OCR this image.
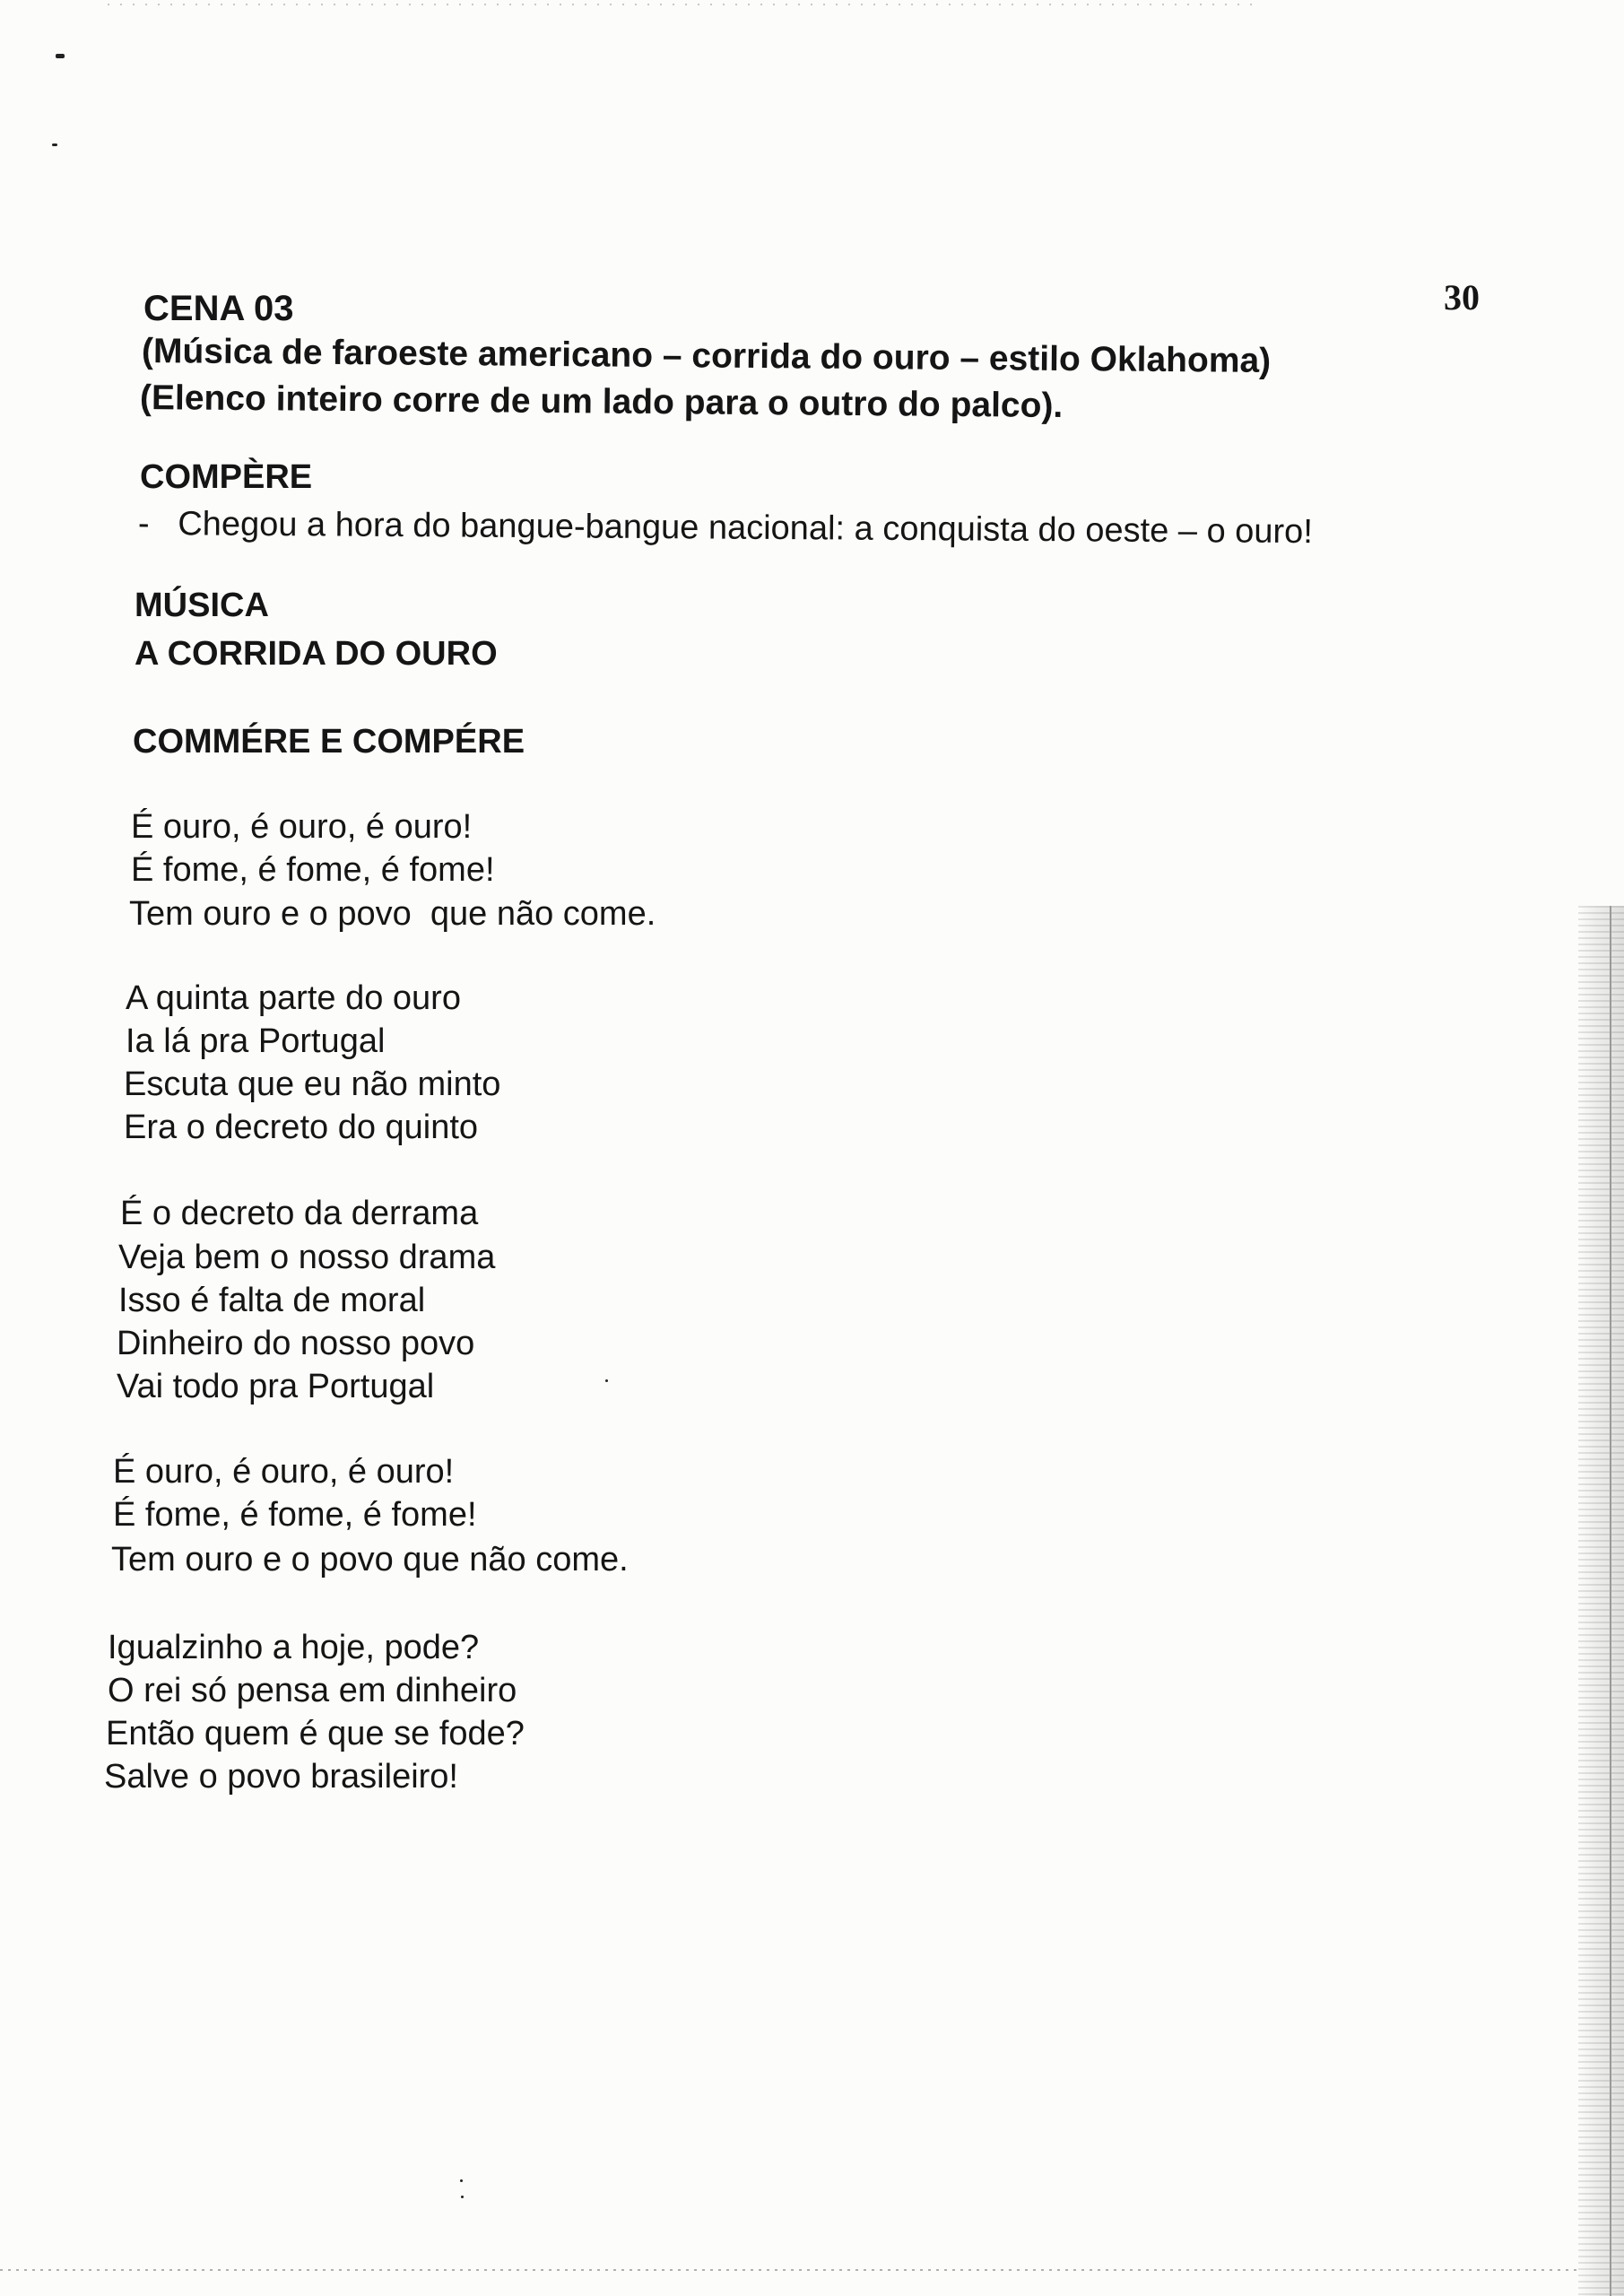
30
CENA 03
(Música de faroeste americano – corrida do ouro – estilo Oklahoma)
(Elenco inteiro corre de um lado para o outro do palco).
COMPÈRE
-   Chegou a hora do bangue-bangue nacional: a conquista do oeste – o ouro!
MÚSICA
A CORRIDA DO OURO
COMMÉRE E COMPÉRE
É ouro, é ouro, é ouro!
É fome, é fome, é fome!
Tem ouro e o povo  que não come.
A quinta parte do ouro
Ia lá pra Portugal
Escuta que eu não minto
Era o decreto do quinto
É o decreto da derrama
Veja bem o nosso drama
Isso é falta de moral
Dinheiro do nosso povo
Vai todo pra Portugal
É ouro, é ouro, é ouro!
É fome, é fome, é fome!
Tem ouro e o povo que não come.
Igualzinho a hoje, pode?
O rei só pensa em dinheiro
Então quem é que se fode?
Salve o povo brasileiro!
